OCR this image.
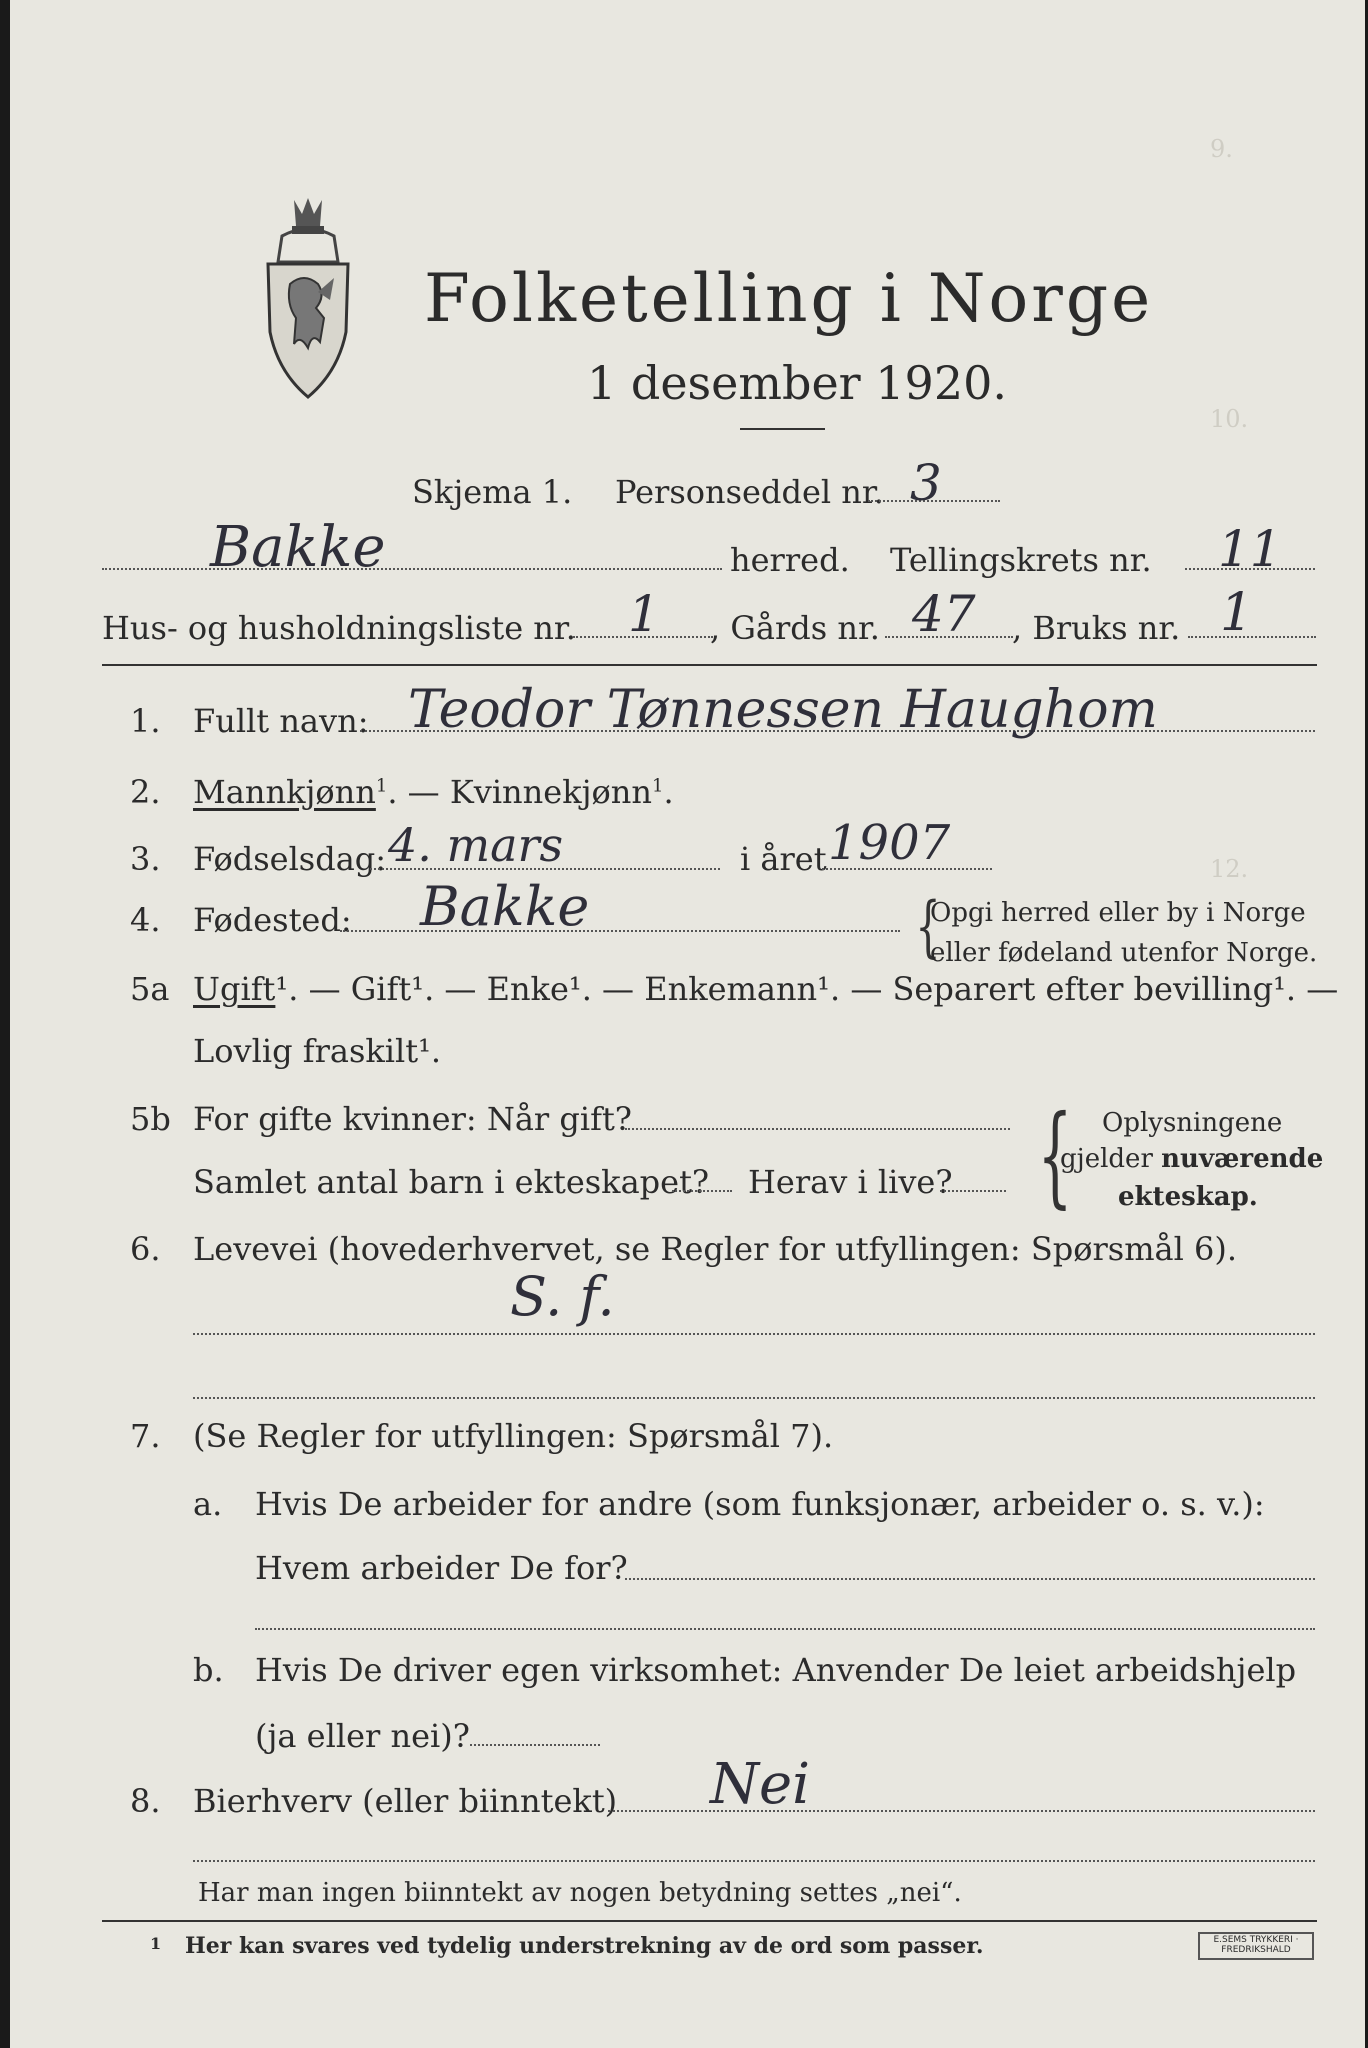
9.
10.
12.
Folketelling i Norge
1 desember 1920.
Skjema 1. Personseddel nr. 3
Bakke	herred. Tellingskrets nr. 11
Hus- og husholdningsliste nr. 1 , Gårds nr. 47 , Bruks nr. 1
1. Fullt navn: Teodor Tønnessen Haughom
2. Mannkjønn$^1$. — Kvinnekjønn$^1$.
3. Fødselsdag: 4. mars	i året 1907
4. Fødested: Bakke	{
Opgi herred eller by i Norge
eller fødeland utenfor Norge.
5a Ugift¹. — Gift¹. — Enke¹. — Enkemann¹. — Separert efter bevilling¹. —
Lovlig fraskilt¹.
5b For gifte kvinner: Når gift?
Samlet antal barn i ekteskapet? Herav i live? { Oplysningene
gjelder nuværende
ekteskap.
6. Levevei (hovederhvervet, se Regler for utfyllingen: Spørsmål 6).
S. f.
7. (Se Regler for utfyllingen: Spørsmål 7).
a. Hvis De arbeider for andre (som funksjonær, arbeider o. s. v.):
Hvem arbeider De for?
b. Hvis De driver egen virksomhet: Anvender De leiet arbeidshjelp
(ja eller nei)?
8. Bierhverv (eller biinntekt) Nei
Har man ingen biinntekt av nogen betydning settes „nei“.
1 Her kan svares ved tydelig understrekning av de ord som passer.	E.SEMS TRYKKERI · FREDRIKSHALD
